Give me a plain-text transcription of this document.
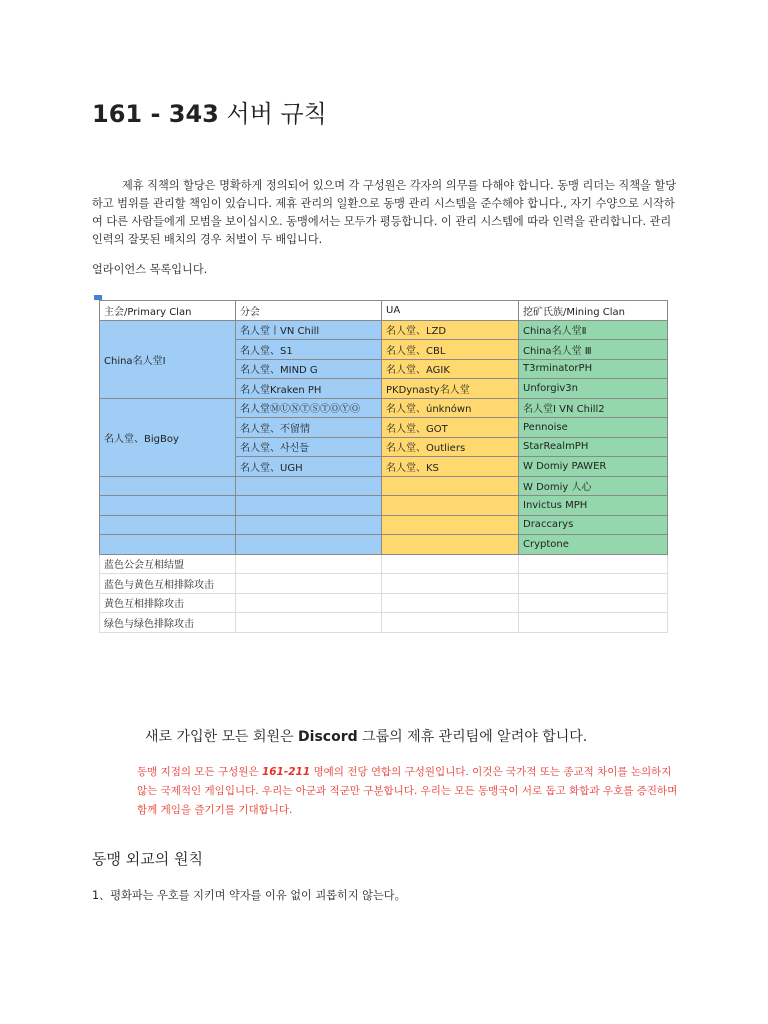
161 - 343 서버 규칙

제휴 직책의 할당은 명확하게 정의되어 있으며 각 구성원은 각자의 의무를 다해야 합니다. 동맹 리더는 직책을 할당하고 범위를 관리할 책임이 있습니다. 제휴 관리의 일환으로 동맹 관리 시스템을 준수해야 합니다., 자기 수양으로 시작하여 다른 사람들에게 모범을 보이십시오. 동맹에서는 모두가 평등합니다. 이 관리 시스템에 따라 인력을 관리합니다. 관리 인력의 잘못된 배치의 경우 처벌이 두 배입니다.

얼라이언스 목록입니다.

主会/Primary Clan	分会	UA	挖矿氏族/Mining Clan
China名人堂I	名人堂丨VN Chill	名人堂、LZD	China名人堂Ⅱ
	名人堂、S1	名人堂、CBL	China名人堂 Ⅲ
	名人堂、MIND G	名人堂、AGIK	T3rminatorPH
	名人堂Kraken PH	PKDynasty名人堂	Unforgiv3n
名人堂、BigBoy	名人堂ⓂⓊⓃⓉⓈⓉⓄⓎⓄ	名人堂、únknówn	名人堂I VN Chill2
	名人堂、不留情	名人堂、GOT	Pennoise
	名人堂、사신들	名人堂、Outliers	StarRealmPH
	名人堂、UGH	名人堂、KS	W Domiy PAWER
			W Domiy 人心
			Invictus MPH
			Draccarys
			Cryptone
蓝色公会互相结盟			
蓝色与黄色互相排除攻击			
黄色互相排除攻击			
绿色与绿色排除攻击			

새로 가입한 모든 회원은 Discord 그룹의 제휴 관리팀에 알려야 합니다.

동맹 지점의 모든 구성원은 161-211 명예의 전당 연합의 구성원입니다. 이것은 국가적 또는 종교적 차이를 논의하지 않는 국제적인 게임입니다. 우리는 아군과 적군만 구분합니다. 우리는 모든 동맹국이 서로 돕고 화합과 우호를 증진하며 함께 게임을 즐기기를 기대합니다.

동맹 외교의 원칙

1、평화파는 우호를 지키며 약자를 이유 없이 괴롭히지 않는다。
